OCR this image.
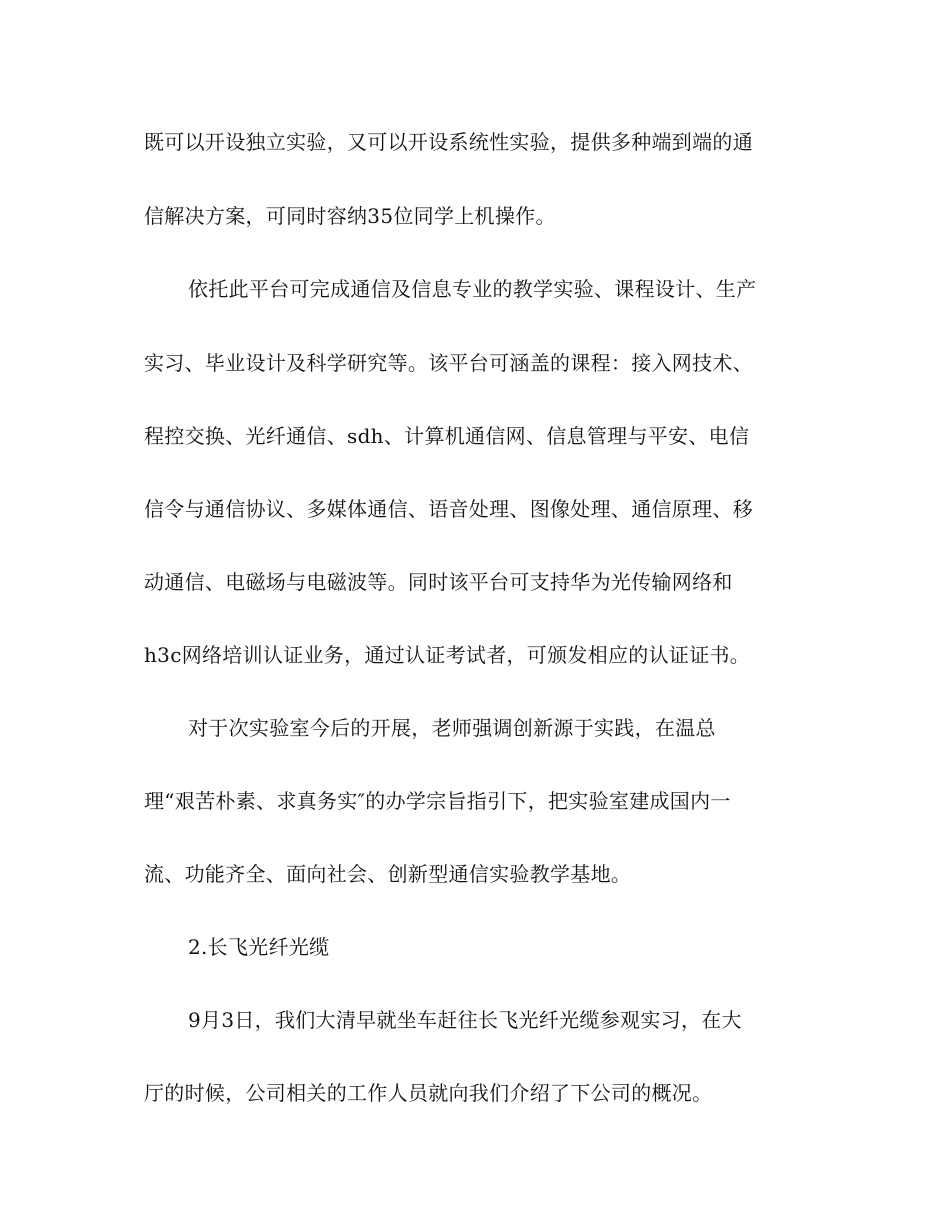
既可以开设独立实验，又可以开设系统性实验，提供多种端到端的通
信解决方案，可同时容纳35位同学上机操作。
依托此平台可完成通信及信息专业的教学实验、课程设计、生产
实习、毕业设计及科学研究等。该平台可涵盖的课程：接入网技术、
程控交换、光纤通信、sdh、计算机通信网、信息管理与平安、电信
信令与通信协议、多媒体通信、语音处理、图像处理、通信原理、移
动通信、电磁场与电磁波等。同时该平台可支持华为光传输网络和
h3c网络培训认证业务，通过认证考试者，可颁发相应的认证证书。
对于次实验室今后的开展，老师强调创新源于实践，在温总
理“艰苦朴素、求真务实″的办学宗旨指引下，把实验室建成国内一
流、功能齐全、面向社会、创新型通信实验教学基地。
2.长飞光纤光缆
9月3日，我们大清早就坐车赶往长飞光纤光缆参观实习，在大
厅的时候，公司相关的工作人员就向我们介绍了下公司的概况。
